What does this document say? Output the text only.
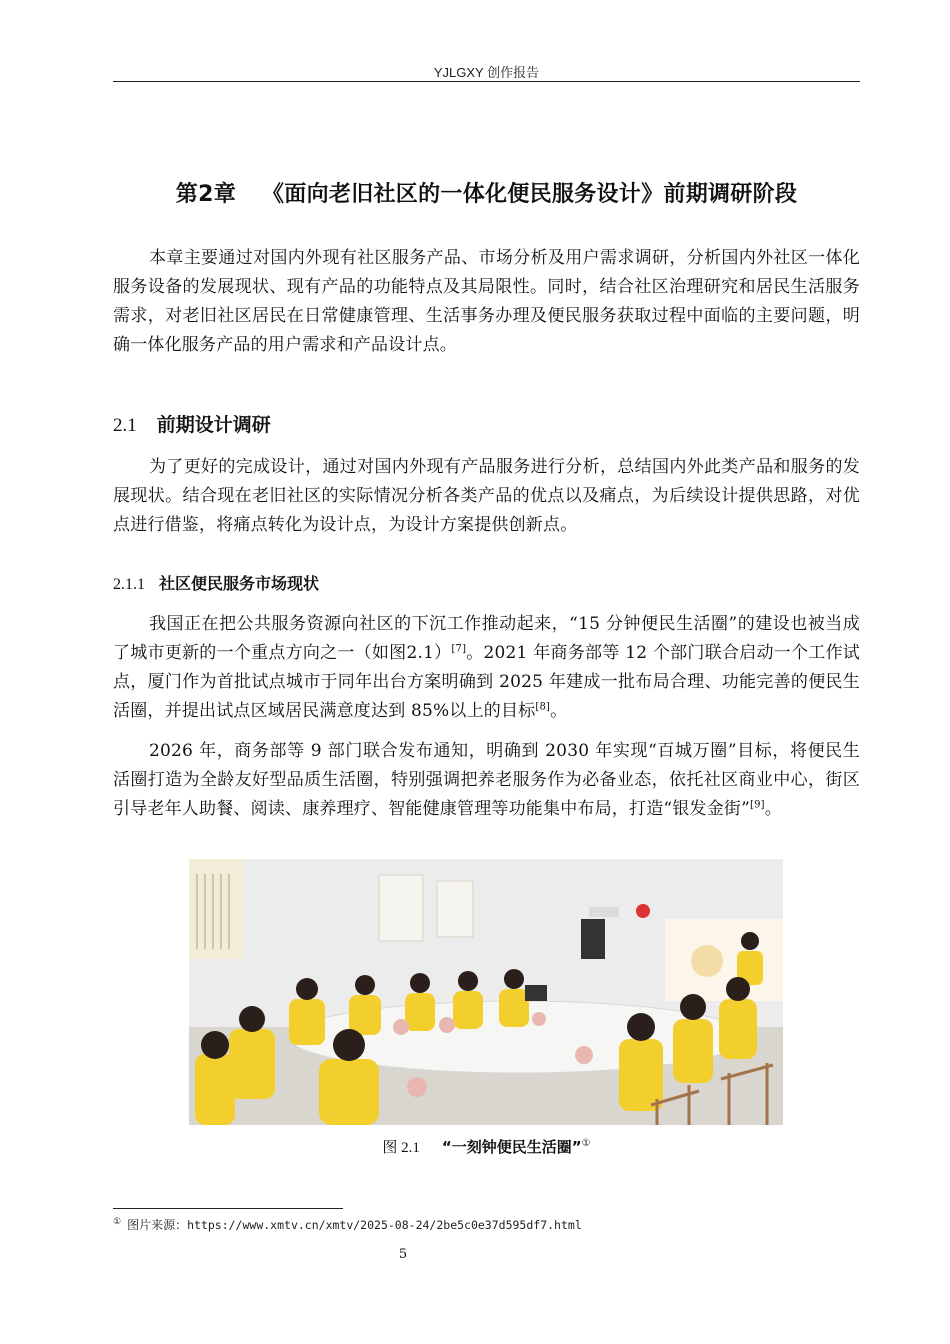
YJLGXY 创作报告
第2章 《面向老旧社区的一体化便民服务设计》前期调研阶段

本章主要通过对国内外现有社区服务产品、市场分析及用户需求调研，分析国内外社区一体化服务设备的发展现状、现有产品的功能特点及其局限性。同时，结合社区治理研究和居民生活服务需求，对老旧社区居民在日常健康管理、生活事务办理及便民服务获取过程中面临的主要问题，明确一体化服务产品的用户需求和产品设计点。

2.1 前期设计调研

为了更好的完成设计，通过对国内外现有产品服务进行分析，总结国内外此类产品和服务的发展现状。结合现在老旧社区的实际情况分析各类产品的优点以及痛点，为后续设计提供思路，对优点进行借鉴，将痛点转化为设计点，为设计方案提供创新点。

2.1.1 社区便民服务市场现状

我国正在把公共服务资源向社区的下沉工作推动起来，“15 分钟便民生活圈”的建设也被当成了城市更新的一个重点方向之一（如图2.1）[7]。2021 年商务部等 12 个部门联合启动一个工作试点，厦门作为首批试点城市于同年出台方案明确到 2025 年建成一批布局合理、功能完善的便民生活圈，并提出试点区域居民满意度达到 85%以上的目标[8]。

2026 年，商务部等 9 部门联合发布通知，明确到 2030 年实现“百城万圈”目标，将便民生活圈打造为全龄友好型品质生活圈，特别强调把养老服务作为必备业态，依托社区商业中心，街区引导老年人助餐、阅读、康养理疗、智能健康管理等功能集中布局，打造“银发金街”[9]。

图 2.1 “一刻钟便民生活圈”①
① 图片来源：https://www.xmtv.cn/xmtv/2025-08-24/2be5c0e37d595df7.html
5
